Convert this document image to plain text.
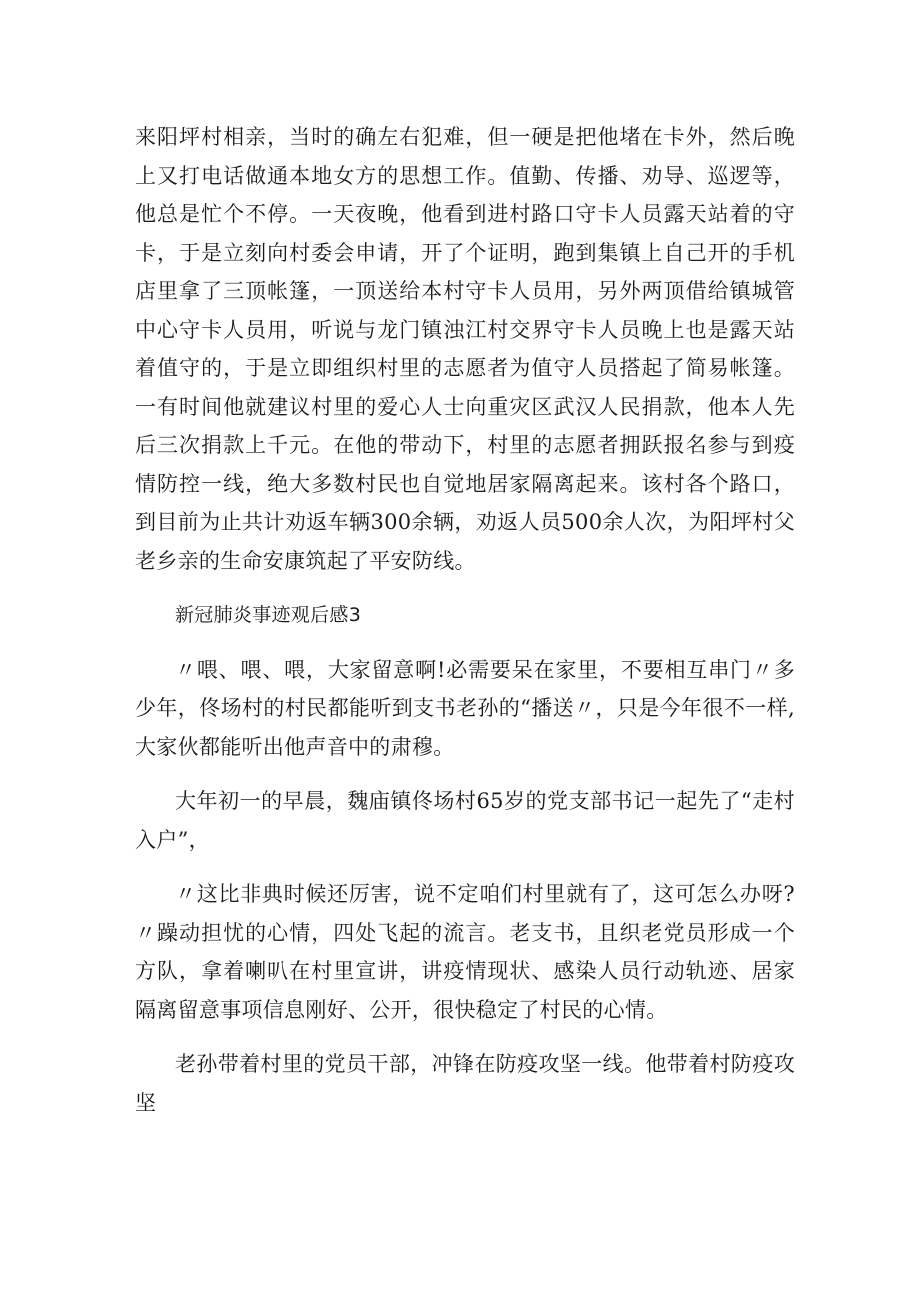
来阳坪村相亲，当时的确左右犯难，但一硬是把他堵在卡外，然后晚上又打电话做通本地女方的思想工作。值勤、传播、劝导、巡逻等，他总是忙个不停。一天夜晚，他看到进村路口守卡人员露天站着的守卡，于是立刻向村委会申请，开了个证明，跑到集镇上自己开的手机店里拿了三顶帐篷，一顶送给本村守卡人员用，另外两顶借给镇城管中心守卡人员用，听说与龙门镇浊江村交界守卡人员晚上也是露天站着值守的，于是立即组织村里的志愿者为值守人员搭起了简易帐篷。一有时间他就建议村里的爱心人士向重灾区武汉人民捐款，他本人先后三次捐款上千元。在他的带动下，村里的志愿者拥跃报名参与到疫情防控一线，绝大多数村民也自觉地居家隔离起来。该村各个路口，到目前为止共计劝返车辆300余辆，劝返人员500余人次，为阳坪村父老乡亲的生命安康筑起了平安防线。

新冠肺炎事迹观后感3

〃喂、喂、喂，大家留意啊!必需要呆在家里，不要相互串门〃多少年，佟场村的村民都能听到支书老孙的“播送〃，只是今年很不一样,大家伙都能听出他声音中的肃穆。

大年初一的早晨，魏庙镇佟场村65岁的党支部书记一起先了“走村入户”，

〃这比非典时候还厉害，说不定咱们村里就有了，这可怎么办呀?〃躁动担忧的心情，四处飞起的流言。老支书，且织老党员形成一个方队，拿着喇叭在村里宣讲，讲疫情现状、感染人员行动轨迹、居家隔离留意事项信息刚好、公开，很快稳定了村民的心情。

老孙带着村里的党员干部，冲锋在防疫攻坚一线。他带着村防疫攻坚
